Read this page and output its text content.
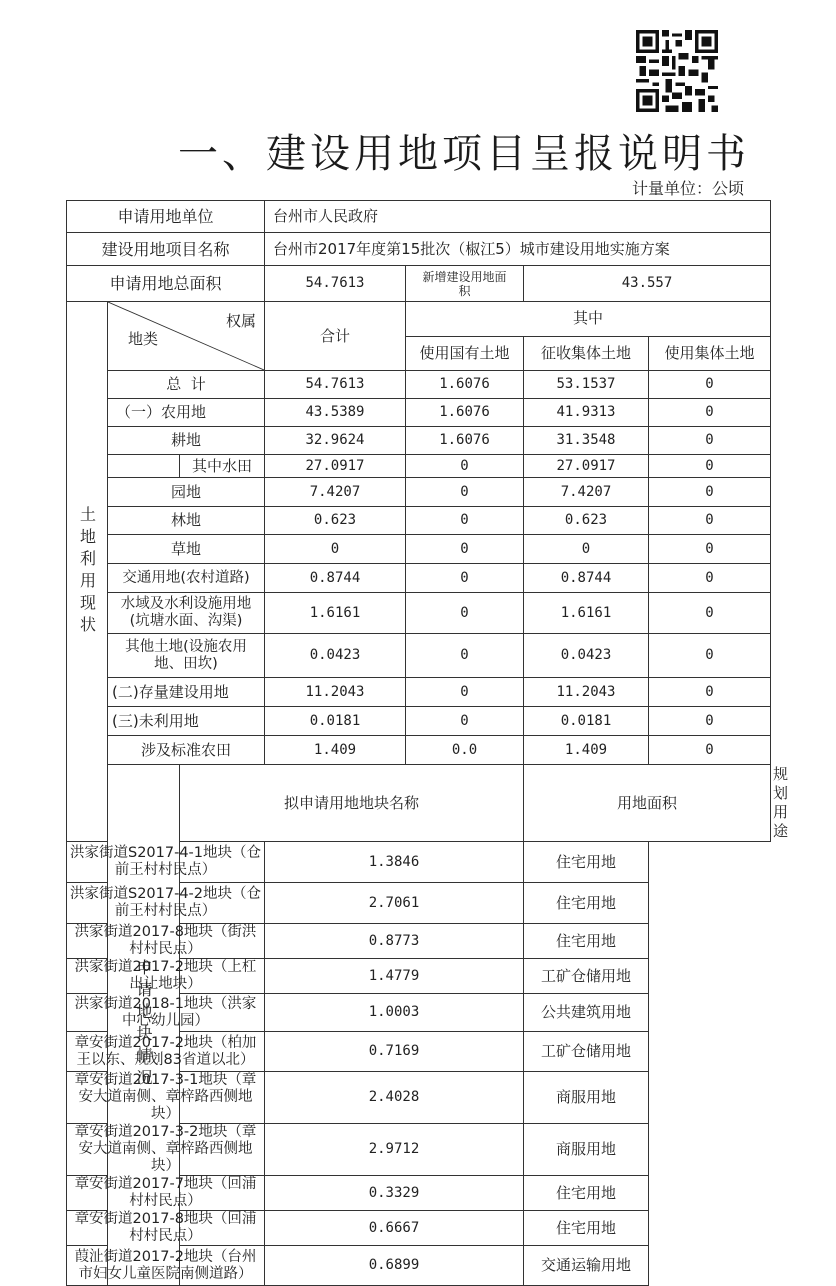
一、建设用地项目呈报说明书
计量单位：公顷
申请用地单位			台州市人民政府				
建设用地项目名称			台州市2017年度第15批次（椒江5）城市建设用地实施方案				
申请用地总面积			54.7613	新增建设用地面积	43.557		
土地利用现状	权属
地类		合计	其中			
				使用国有土地	征收集体土地	使用集体土地	
	总  计		54.7613	1.6076	53.1537	0	
	（一）农用地		43.5389	1.6076	41.9313	0	
	耕地		32.9624	1.6076	31.3548	0	
		其中水田	27.0917	0	27.0917	0	
	园地		7.4207	0	7.4207	0	
	林地		0.623	0	0.623	0	
	草地		0	0	0	0	
	交通用地(农村道路)		0.8744	0	0.8744	0	
	水域及水利设施用地(坑塘水面、沟渠)		1.6161	0	1.6161	0	
	其他土地(设施农用地、田坎)		0.0423	0	0.0423	0	
	(二)存量建设用地		11.2043	0	11.2043	0	
	(三)未利用地		0.0181	0	0.0181	0	
	涉及标准农田		1.409	0.0	1.409	0	
	申请地块情况	拟申请用地地块名称			用地面积		规划用途
洪家街道S2017-4-1地块（仓前王村村民点）			1.3846		住宅用地		
洪家街道S2017-4-2地块（仓前王村村民点）			2.7061		住宅用地		
洪家街道2017-8地块（街洪村村民点）			0.8773		住宅用地		
洪家街道2017-2地块（上杠出让地块）			1.4779		工矿仓储用地		
洪家街道2018-1地块（洪家中心幼儿园）			1.0003		公共建筑用地		
章安街道2017-2地块（柏加王以东、规划83省道以北）			0.7169		工矿仓储用地		
章安街道2017-3-1地块（章安大道南侧、章梓路西侧地块）			2.4028		商服用地		
章安街道2017-3-2地块（章安大道南侧、章梓路西侧地块）			2.9712		商服用地		
章安街道2017-7地块（回浦村村民点）			0.3329		住宅用地		
章安街道2017-8地块（回浦村村民点）			0.6667		住宅用地		
葭沚街道2017-2地块（台州市妇女儿童医院南侧道路）			0.6899		交通运输用地		
